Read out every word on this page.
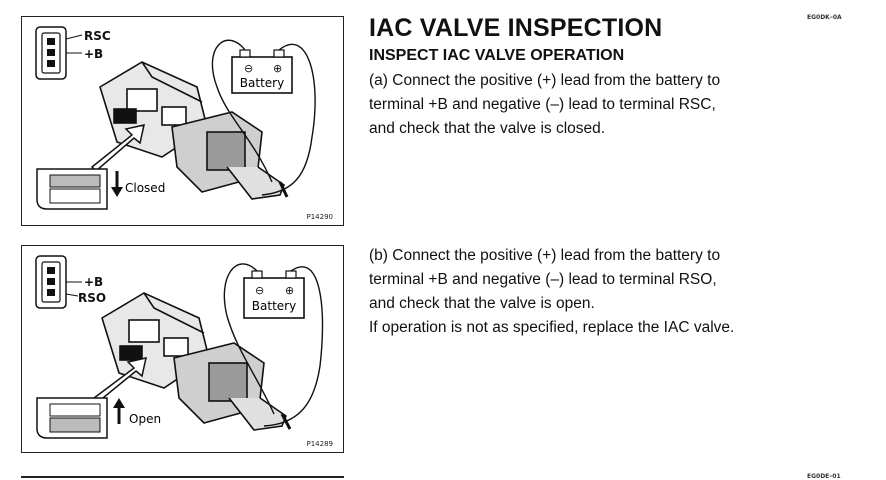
IAC VALVE INSPECTION
INSPECT IAC VALVE OPERATION
EG0DK–0A
RSC
+B
⊖ ⊕
Battery
Closed
P14290

(a) Connect the positive (+) lead from the battery to
terminal +B and negative (–) lead to terminal RSC,
and check that the valve is closed.

+B
RSO
⊖ ⊕
Battery
Open
P14289

(b) Connect the positive (+) lead from the battery to
terminal +B and negative (–) lead to terminal RSO,
and check that the valve is open.
If operation is not as specified, replace the IAC valve.

EG0DE–01
